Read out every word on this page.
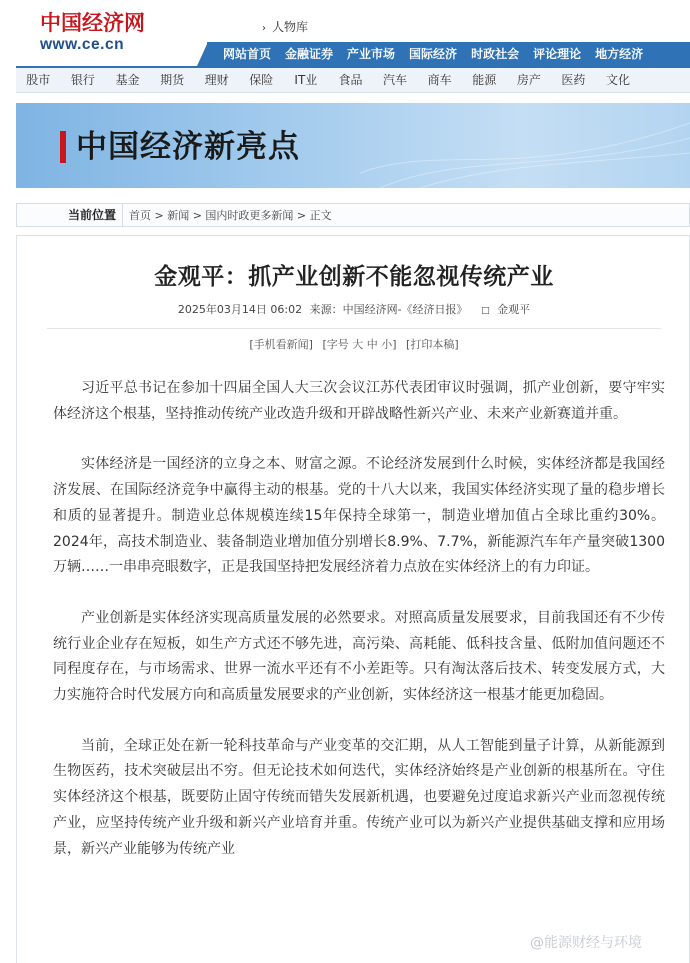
中国经济网
www.ce.cn
› 人物库
网站首页	金融证券	产业市场	国际经济	时政社会	评论理论	地方经济
股市	银行	基金	期货	理财	保险	IT业	食品	汽车	商车	能源	房产	医药	文化
中国经济新亮点
当前位置	首页 > 新闻 > 国内时政更多新闻 > 正文
金观平：抓产业创新不能忽视传统产业
2025年03月14日 06:02 来源：中国经济网-《经济日报》 □ 金观平
[手机看新闻] [字号 大 中 小] [打印本稿]

习近平总书记在参加十四届全国人大三次会议江苏代表团审议时强调，抓产业创新，要守牢实体经济这个根基，坚持推动传统产业改造升级和开辟战略性新兴产业、未来产业新赛道并重。

实体经济是一国经济的立身之本、财富之源。不论经济发展到什么时候，实体经济都是我国经济发展、在国际经济竞争中赢得主动的根基。党的十八大以来，我国实体经济实现了量的稳步增长和质的显著提升。制造业总体规模连续15年保持全球第一，制造业增加值占全球比重约30%。2024年，高技术制造业、装备制造业增加值分别增长8.9%、7.7%，新能源汽车年产量突破1300万辆……一串串亮眼数字，正是我国坚持把发展经济着力点放在实体经济上的有力印证。

产业创新是实体经济实现高质量发展的必然要求。对照高质量发展要求，目前我国还有不少传统行业企业存在短板，如生产方式还不够先进，高污染、高耗能、低科技含量、低附加值问题还不同程度存在，与市场需求、世界一流水平还有不小差距等。只有淘汰落后技术、转变发展方式，大力实施符合时代发展方向和高质量发展要求的产业创新，实体经济这一根基才能更加稳固。

当前，全球正处在新一轮科技革命与产业变革的交汇期，从人工智能到量子计算，从新能源到生物医药，技术突破层出不穷。但无论技术如何迭代，实体经济始终是产业创新的根基所在。守住实体经济这个根基，既要防止固守传统而错失发展新机遇，也要避免过度追求新兴产业而忽视传统产业，应坚持传统产业升级和新兴产业培育并重。传统产业可以为新兴产业提供基础支撑和应用场景，新兴产业能够为传统产业

@能源财经与环境
